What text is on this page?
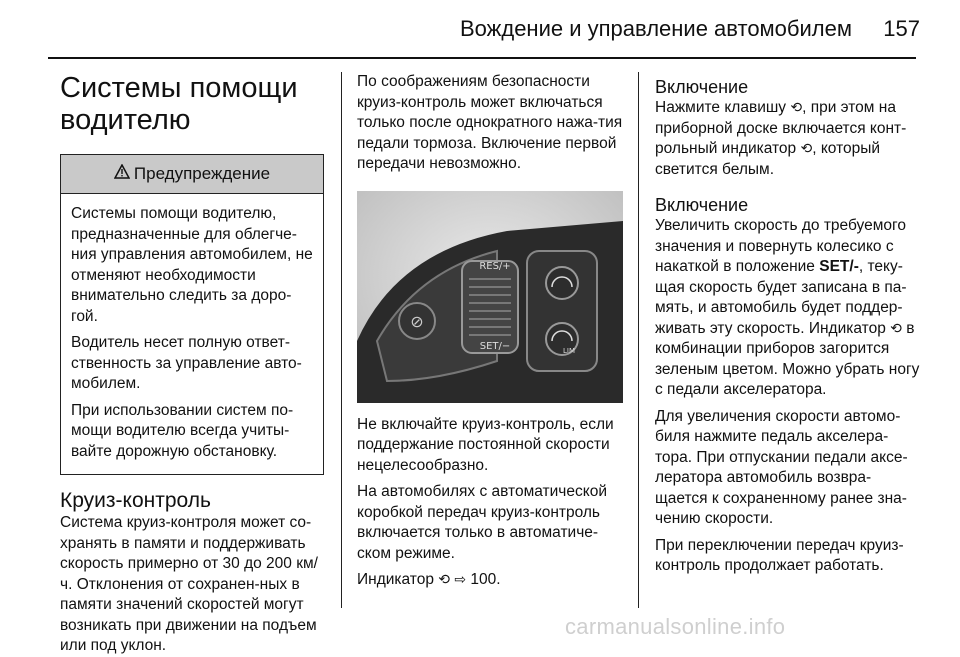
Вождение и управление автомобилем 157
Системы помощи водителю
Предупреждение

Системы помощи водителю, предназначенные для облегче-ния управления автомобилем, не отменяют необходимости внимательно следить за доро-гой.

Водитель несет полную ответ-ственность за управление авто-мобилем.

При использовании систем по-мощи водителю всегда учиты-вайте дорожную обстановку.

Круиз-контроль

Система круиз-контроля может со-хранять в памяти и поддерживать скорость примерно от 30 до 200 км/ч. Отклонения от сохранен-ных в памяти значений скоростей могут возникать при движении на подъем или под уклон.

По соображениям безопасности круиз-контроль может включаться только после однократного нажа-тия педали тормоза. Включение первой передачи невозможно.

⊘
RES/+
SET/−	LIM

Не включайте круиз-контроль, если поддержание постоянной скорости нецелесообразно.

На автомобилях с автоматической коробкой передач круиз-контроль включается только в автоматиче-ском режиме.

Индикатор ⟲ ⇨ 100.

Включение

Нажмите клавишу ⟲, при этом на приборной доске включается конт-рольный индикатор ⟲, который светится белым.

Включение

Увеличить скорость до требуемого значения и повернуть колесико с накаткой в положение SET/-, теку-щая скорость будет записана в па-мять, и автомобиль будет поддер-живать эту скорость. Индикатор ⟲ в комбинации приборов загорится зеленым цветом. Можно убрать ногу с педали акселератора.

Для увеличения скорости автомо-биля нажмите педаль акселера-тора. При отпускании педали аксе-лератора автомобиль возвра-щается к сохраненному ранее зна-чению скорости.

При переключении передач круиз-контроль продолжает работать.

carmanualsonline.info
